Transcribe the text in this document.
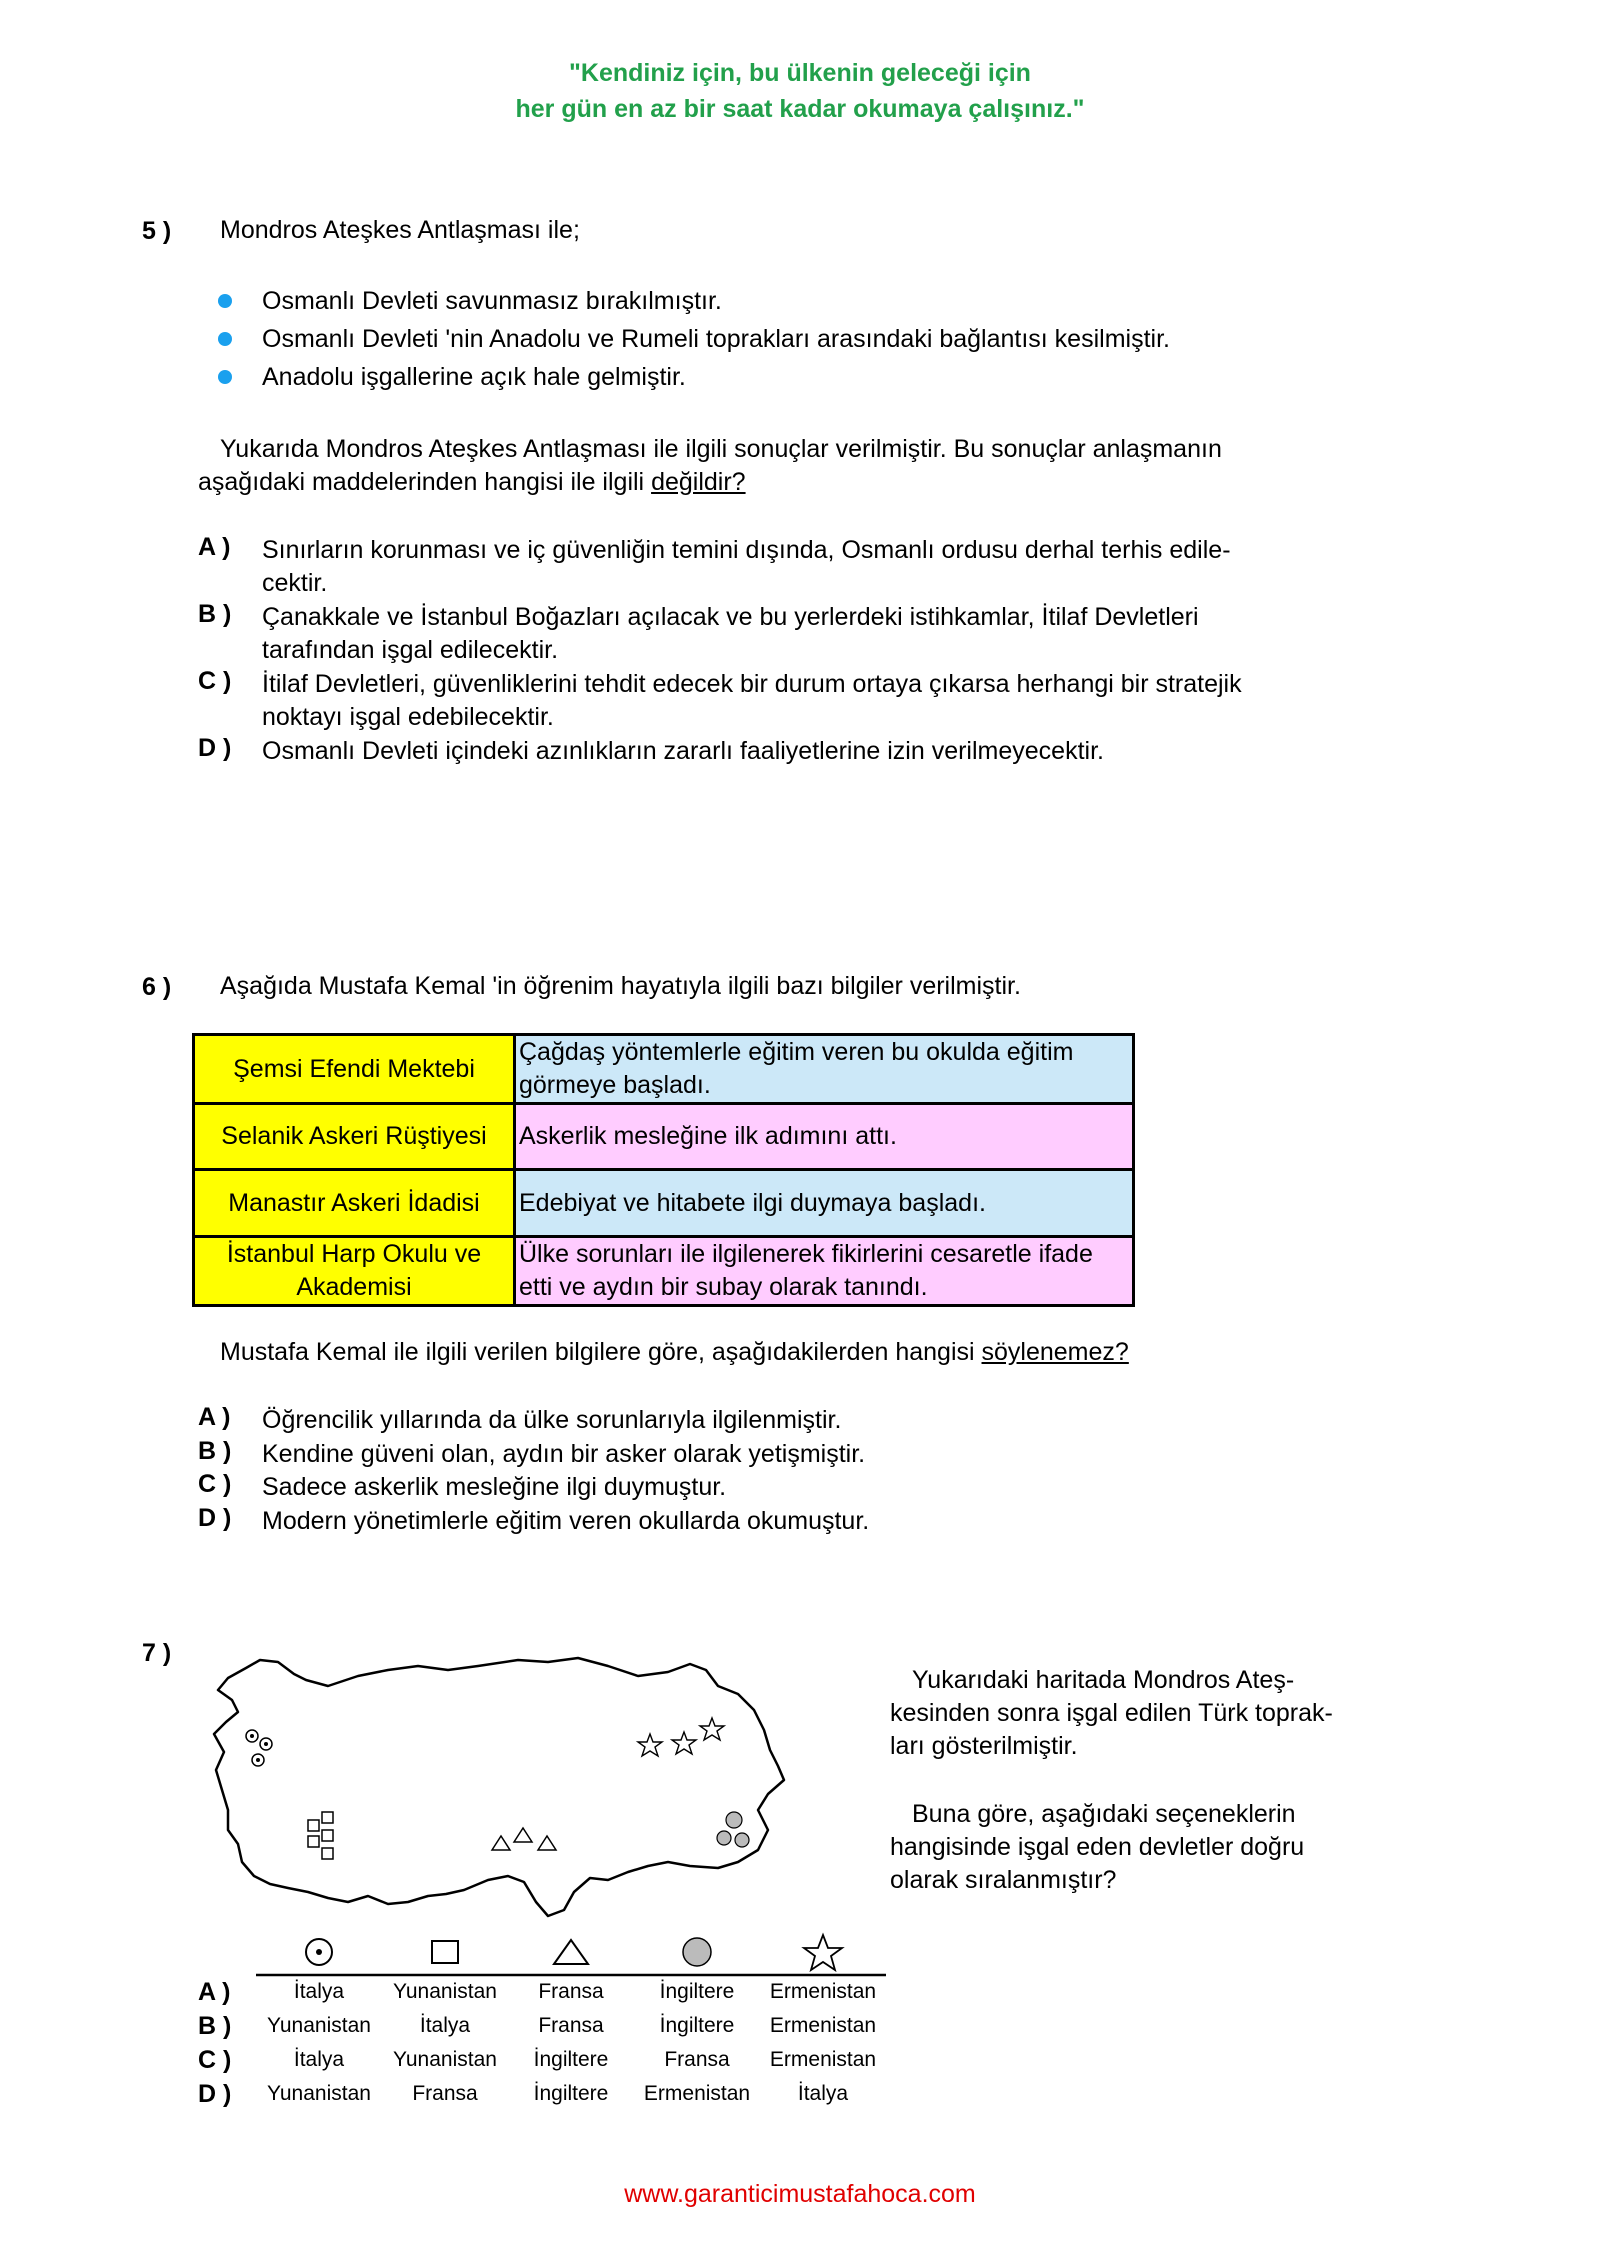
"Kendiniz için, bu ülkenin geleceği için
her gün en az bir saat kadar okumaya çalışınız."
5 ) Mondros Ateşkes Antlaşması ile;
Osmanlı Devleti savunmasız bırakılmıştır.
Osmanlı Devleti 'nin Anadolu ve Rumeli toprakları arasındaki bağlantısı kesilmiştir.
Anadolu işgallerine açık hale gelmiştir.
Yukarıda Mondros Ateşkes Antlaşması ile ilgili sonuçlar verilmiştir. Bu sonuçlar anlaşmanın
aşağıdaki maddelerinden hangisi ile ilgili değildir?
A ) Sınırların korunması ve iç güvenliğin temini dışında, Osmanlı ordusu derhal terhis edile-
cektir.
B ) Çanakkale ve İstanbul Boğazları açılacak ve bu yerlerdeki istihkamlar, İtilaf Devletleri
tarafından işgal edilecektir.
C ) İtilaf Devletleri, güvenliklerini tehdit edecek bir durum ortaya çıkarsa herhangi bir stratejik
noktayı işgal edebilecektir.
D ) Osmanlı Devleti içindeki azınlıkların zararlı faaliyetlerine izin verilmeyecektir.
6 ) Aşağıda Mustafa Kemal 'in öğrenim hayatıyla ilgili bazı bilgiler verilmiştir.
Şemsi Efendi Mektebi	Çağdaş yöntemlerle eğitim veren bu okulda eğitim görmeye başladı.
Selanik Askeri Rüştiyesi	Askerlik mesleğine ilk adımını attı.
Manastır Askeri İdadisi	Edebiyat ve hitabete ilgi duymaya başladı.
İstanbul Harp Okulu ve Akademisi	Ülke sorunları ile ilgilenerek fikirlerini cesaretle ifade etti ve aydın bir subay olarak tanındı.
Mustafa Kemal ile ilgili verilen bilgilere göre, aşağıdakilerden hangisi söylenemez?
A ) Öğrencilik yıllarında da ülke sorunlarıyla ilgilenmiştir.
B ) Kendine güveni olan, aydın bir asker olarak yetişmiştir.
C ) Sadece askerlik mesleğine ilgi duymuştur.
D ) Modern yönetimlerle eğitim veren okullarda okumuştur.
7 )
Yukarıdaki haritada Mondros Ateş-
kesinden sonra işgal edilen Türk toprak-
ları gösterilmiştir.
Buna göre, aşağıdaki seçeneklerin
hangisinde işgal eden devletler doğru
olarak sıralanmıştır?
A )
B )
C )
D )
İtalya	Yunanistan	Fransa	İngiltere	Ermenistan
Yunanistan	İtalya	Fransa	İngiltere	Ermenistan
İtalya	Yunanistan	İngiltere	Fransa	Ermenistan
Yunanistan	Fransa	İngiltere	Ermenistan	İtalya
www.garanticimustafahoca.com
